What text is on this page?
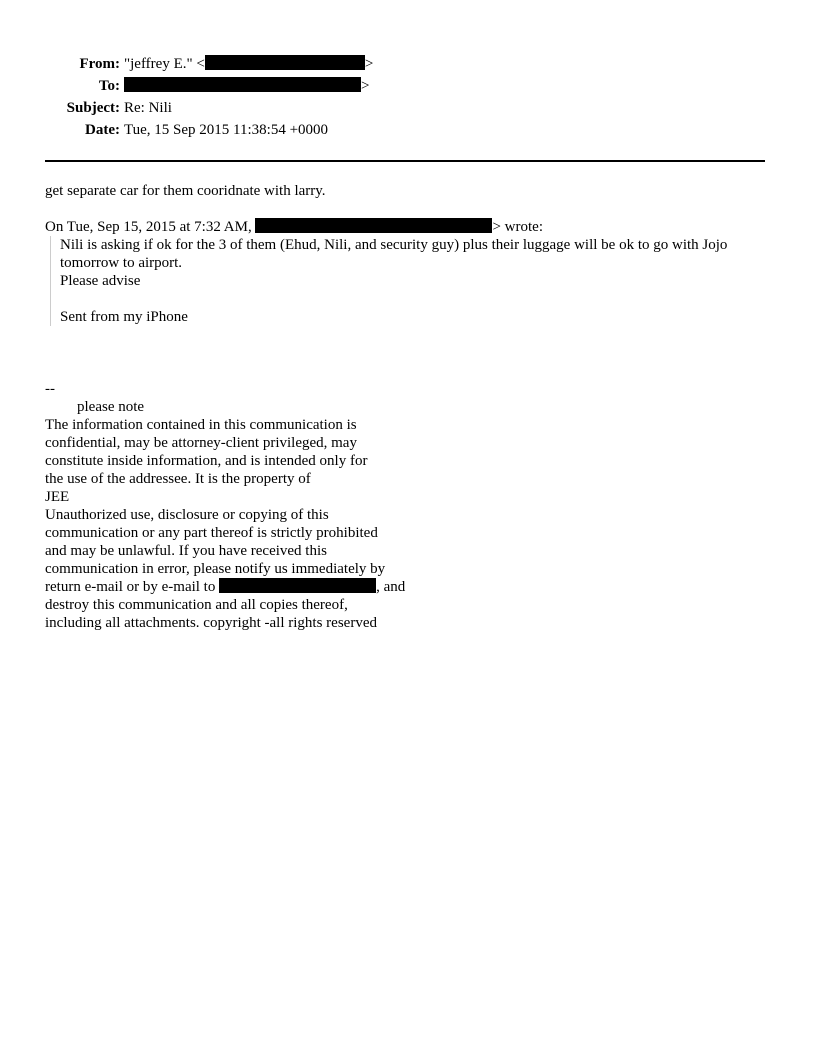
From: "jeffrey E." <	>
To:	>
Subject: Re: Nili
Date: Tue, 15 Sep 2015 11:38:54 +0000

get separate car for them cooridnate with larry.

On Tue, Sep 15, 2015 at 7:32 AM,	> wrote:

Nili is asking if ok for the 3 of them (Ehud, Nili, and security guy) plus their luggage will be ok to go with Jojo

tomorrow to airport.

Please advise

Sent from my iPhone

--

please note

The information contained in this communication is

confidential, may be attorney-client privileged, may

constitute inside information, and is intended only for

the use of the addressee. It is the property of

JEE

Unauthorized use, disclosure or copying of this

communication or any part thereof is strictly prohibited

and may be unlawful. If you have received this

communication in error, please notify us immediately by

return e-mail or by e-mail to	, and

destroy this communication and all copies thereof,

including all attachments. copyright -all rights reserved
